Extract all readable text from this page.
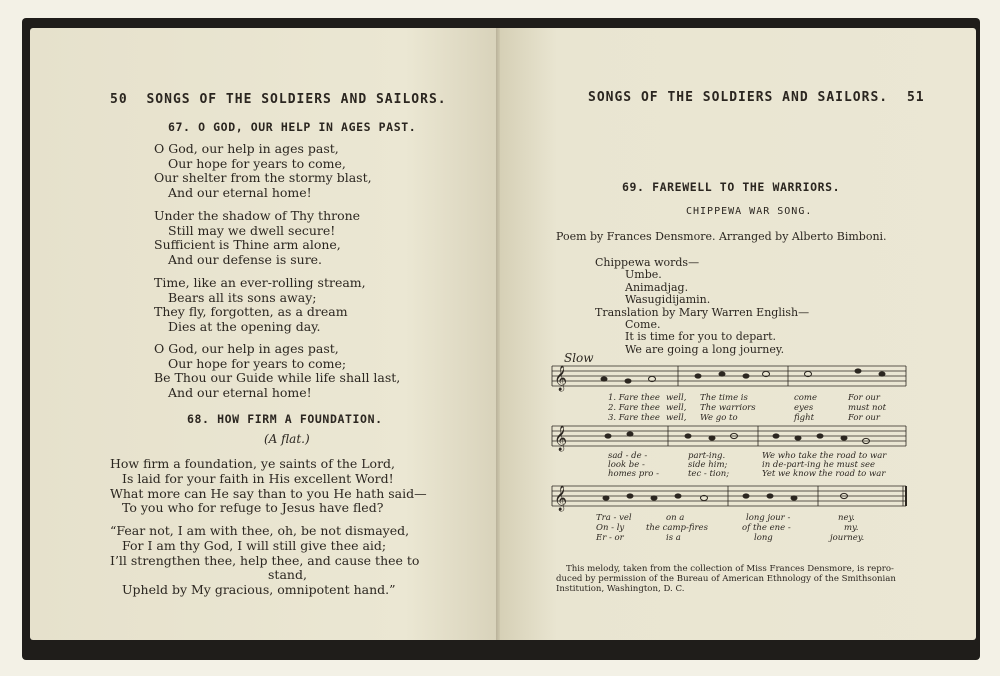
50 SONGS OF THE SOLDIERS AND SAILORS.
67. O GOD, OUR HELP IN AGES PAST.
O God, our help in ages past,
Our hope for years to come,
Our shelter from the stormy blast,
And our eternal home!
Under the shadow of Thy throne
Still may we dwell secure!
Sufficient is Thine arm alone,
And our defense is sure.
Time, like an ever-rolling stream,
Bears all its sons away;
They fly, forgotten, as a dream
Dies at the opening day.
O God, our help in ages past,
Our hope for years to come;
Be Thou our Guide while life shall last,
And our eternal home!
68. HOW FIRM A FOUNDATION.
(A flat.)
How firm a foundation, ye saints of the Lord,
Is laid for your faith in His excellent Word!
What more can He say than to you He hath said—
To you who for refuge to Jesus have fled?
“Fear not, I am with thee, oh, be not dismayed,
For I am thy God, I will still give thee aid;
I’ll strengthen thee, help thee, and cause thee to
stand,
Upheld by My gracious, omnipotent hand.”
SONGS OF THE SOLDIERS AND SAILORS. 51
69. FAREWELL TO THE WARRIORS.
CHIPPEWA WAR SONG.
Poem by Frances Densmore. Arranged by Alberto Bimboni.
Chippewa words—
Umbe.
Animadjag.
Wasugidijamin.
Translation by Mary Warren English—
Come.
It is time for you to depart.
We are going a long journey.
Slow
𝄞
1. Fare thee well, The time is	come	For our
2. Fare thee well, The warriors	eyes	must not
3. Fare thee well, We go to	fight	For our
𝄞
sad - de -	part-ing.	We who take the road to war
look be -	side him;	in de-part-ing he must see
homes pro -	tec - tion;	Yet we know the road to war
𝄞
Tra - vel	on a	long jour -	ney.
On - ly	the camp-fires	of the ene -	my.
Er - or	is a	long	journey.
This melody, taken from the collection of Miss Frances Densmore, is repro-
duced by permission of the Bureau of American Ethnology of the Smithsonian
Institution, Washington, D. C.
